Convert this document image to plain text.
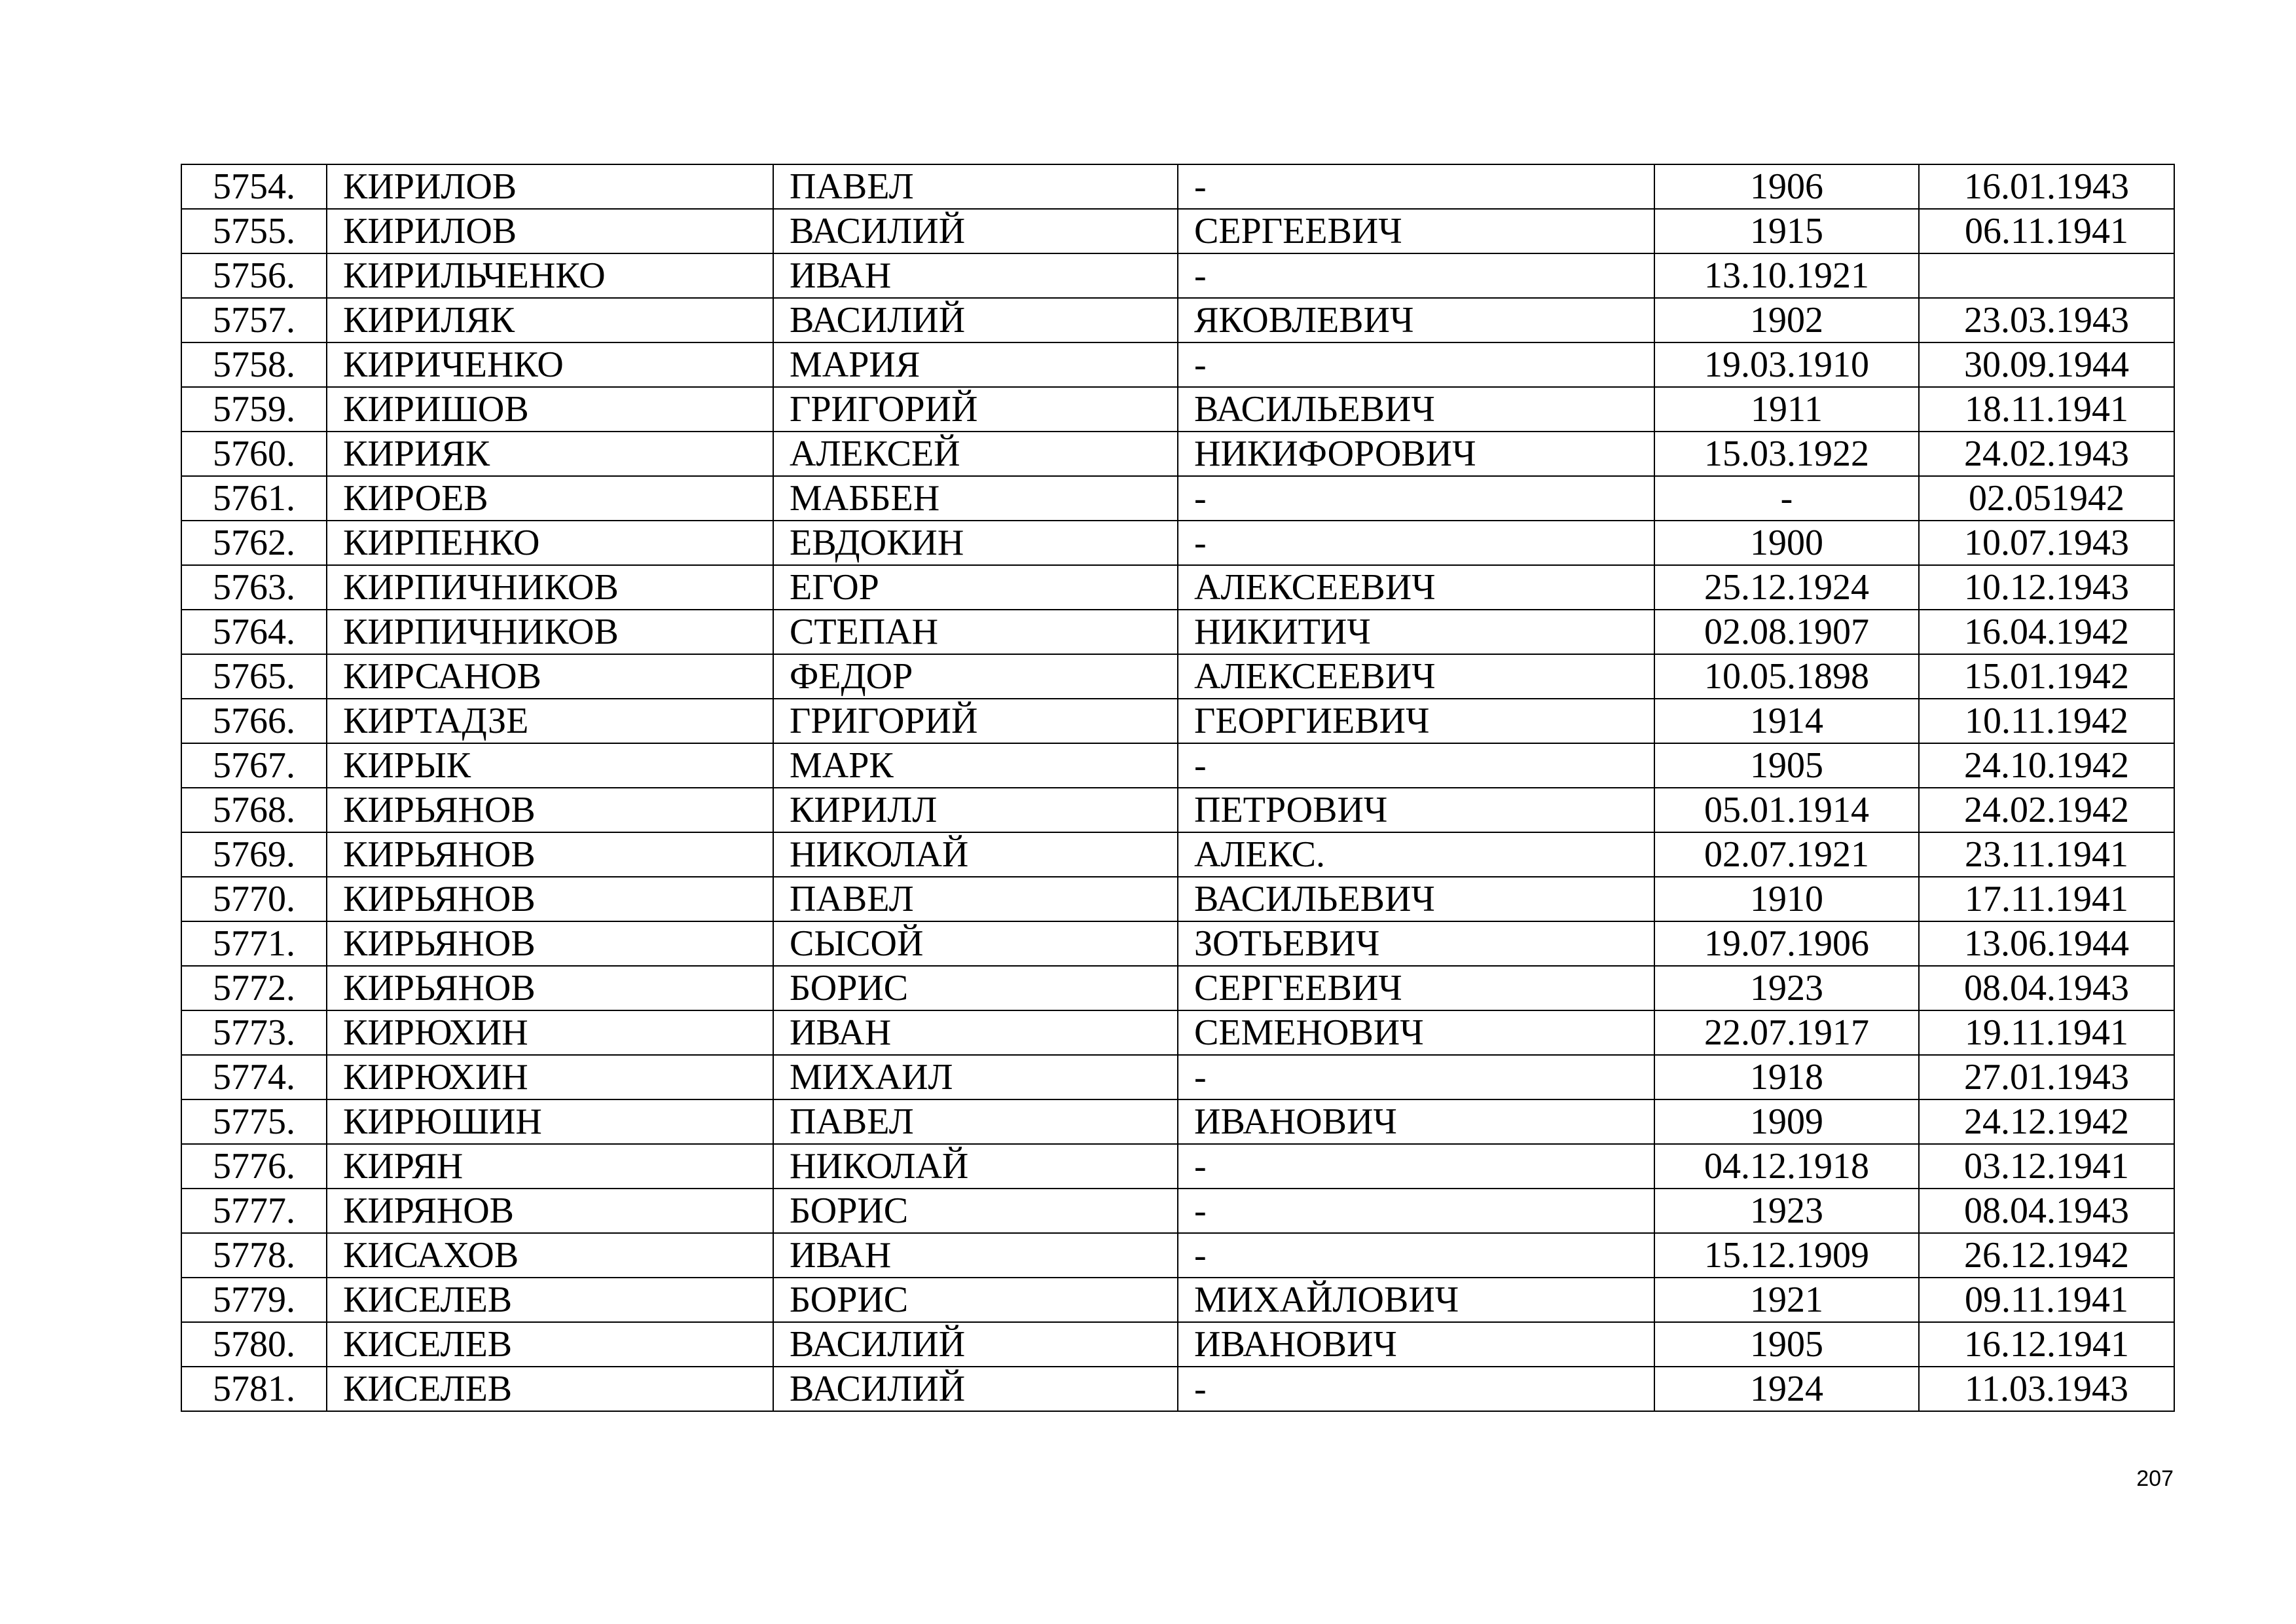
5754.	КИРИЛОВ	ПАВЕЛ	-	1906	16.01.1943
5755.	КИРИЛОВ	ВАСИЛИЙ	СЕРГЕЕВИЧ	1915	06.11.1941
5756.	КИРИЛЬЧЕНКО	ИВАН	-	13.10.1921	
5757.	КИРИЛЯК	ВАСИЛИЙ	ЯКОВЛЕВИЧ	1902	23.03.1943
5758.	КИРИЧЕНКО	МАРИЯ	-	19.03.1910	30.09.1944
5759.	КИРИШОВ	ГРИГОРИЙ	ВАСИЛЬЕВИЧ	1911	18.11.1941
5760.	КИРИЯК	АЛЕКСЕЙ	НИКИФОРОВИЧ	15.03.1922	24.02.1943
5761.	КИРОЕВ	МАББЕН	-	-	02.051942
5762.	КИРПЕНКО	ЕВДОКИН	-	1900	10.07.1943
5763.	КИРПИЧНИКОВ	ЕГОР	АЛЕКСЕЕВИЧ	25.12.1924	10.12.1943
5764.	КИРПИЧНИКОВ	СТЕПАН	НИКИТИЧ	02.08.1907	16.04.1942
5765.	КИРСАНОВ	ФЕДОР	АЛЕКСЕЕВИЧ	10.05.1898	15.01.1942
5766.	КИРТАДЗЕ	ГРИГОРИЙ	ГЕОРГИЕВИЧ	1914	10.11.1942
5767.	КИРЫК	МАРК	-	1905	24.10.1942
5768.	КИРЬЯНОВ	КИРИЛЛ	ПЕТРОВИЧ	05.01.1914	24.02.1942
5769.	КИРЬЯНОВ	НИКОЛАЙ	АЛЕКС.	02.07.1921	23.11.1941
5770.	КИРЬЯНОВ	ПАВЕЛ	ВАСИЛЬЕВИЧ	1910	17.11.1941
5771.	КИРЬЯНОВ	СЫСОЙ	ЗОТЬЕВИЧ	19.07.1906	13.06.1944
5772.	КИРЬЯНОВ	БОРИС	СЕРГЕЕВИЧ	1923	08.04.1943
5773.	КИРЮХИН	ИВАН	СЕМЕНОВИЧ	22.07.1917	19.11.1941
5774.	КИРЮХИН	МИХАИЛ	-	1918	27.01.1943
5775.	КИРЮШИН	ПАВЕЛ	ИВАНОВИЧ	1909	24.12.1942
5776.	КИРЯН	НИКОЛАЙ	-	04.12.1918	03.12.1941
5777.	КИРЯНОВ	БОРИС	-	1923	08.04.1943
5778.	КИСАХОВ	ИВАН	-	15.12.1909	26.12.1942
5779.	КИСЕЛЕВ	БОРИС	МИХАЙЛОВИЧ	1921	09.11.1941
5780.	КИСЕЛЕВ	ВАСИЛИЙ	ИВАНОВИЧ	1905	16.12.1941
5781.	КИСЕЛЕВ	ВАСИЛИЙ	-	1924	11.03.1943
207
